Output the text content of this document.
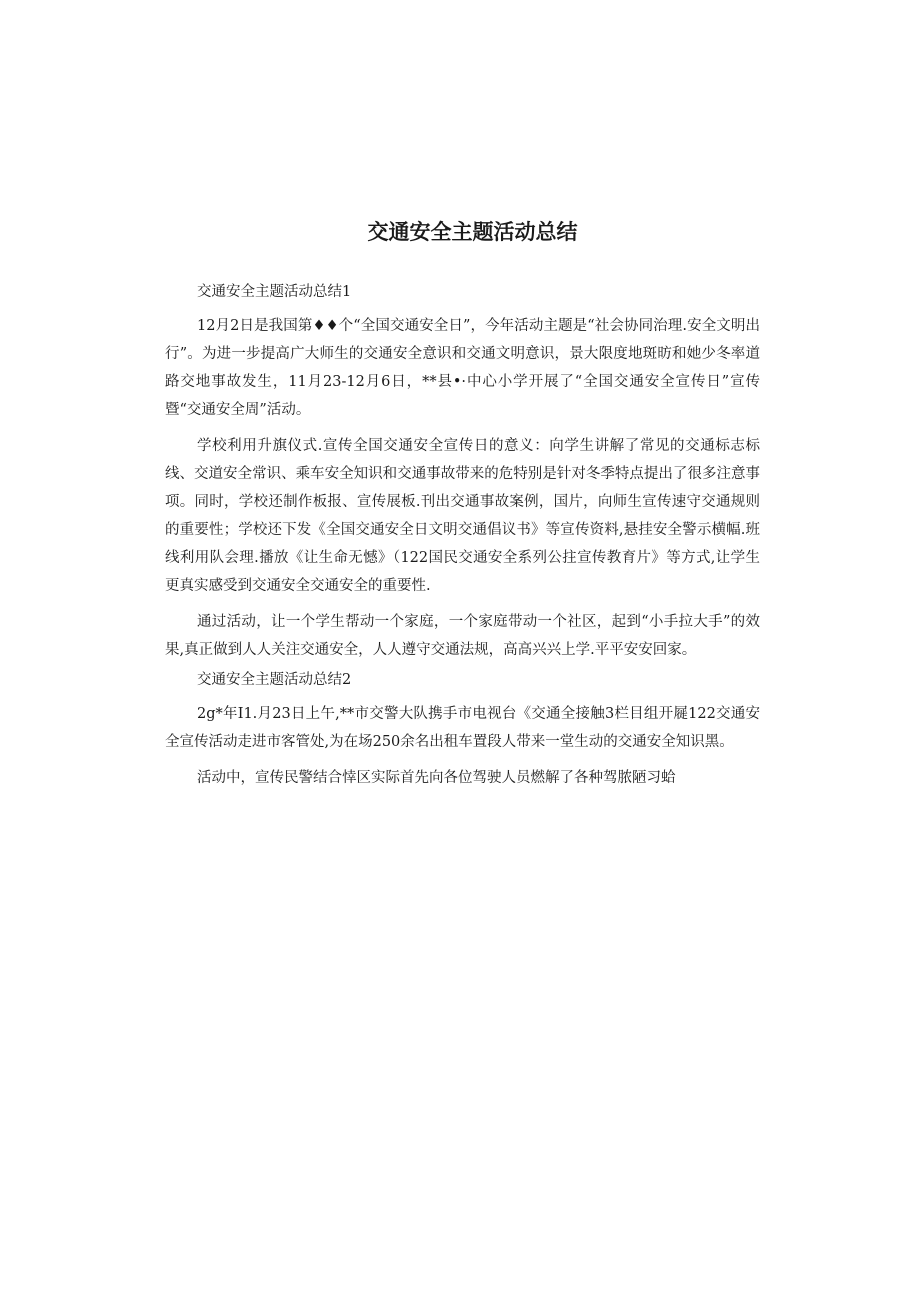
交通安全主题活动总结

交通安全主题活动总结1

12月2日是我国第♦♦个“全国交通安全日”，今年活动主题是“社会协同治理.安全文明出行”。为进一步提高广大师生的交通安全意识和交通文明意识，景大限度地斑昉和她少冬率道路交地事故发生，11月23-12月6日，**县•·中心小学开展了“全国交通安全宣传日”宣传暨“交通安全周”活动。

学校利用升旗仪式.宣传全国交通安全宣传日的意义：向学生讲解了常见的交通标志标线、交道安全常识、乘车安全知识和交通事故带来的危特别是针对冬季特点提出了很多注意事项。同时，学校还制作板报、宣传展板.刊出交通事故案例，国片，向师生宣传速守交通规则的重要性；学校还下发《全国交通安全日文明交通倡议书》等宣传资料,悬挂安全警示横幅.班线利用队会理.播放《让生命无憾》（122国民交通安全系列公拄宣传教育片》等方式,让学生更真实感受到交通安全交通安全的重要性.

通过活动，让一个学生帮动一个家庭，一个家庭带动一个社区，起到“小手拉大手”的效果,真正做到人人关注交通安全，人人遵守交通法规，高高兴兴上学.平平安安回家。

交通安全主题活动总结2

2g*年I1.月23日上午,**市交警大队携手市电视台《交通全接触3栏目组开屣122交通安全宣传活动走进市客管处,为在场250余名出租车置段人带来一堂生动的交通安全知识黑。

活动中，宣传民警结合悻区实际首先向各位驾驶人员燃解了各种驾脓陋习蛤
